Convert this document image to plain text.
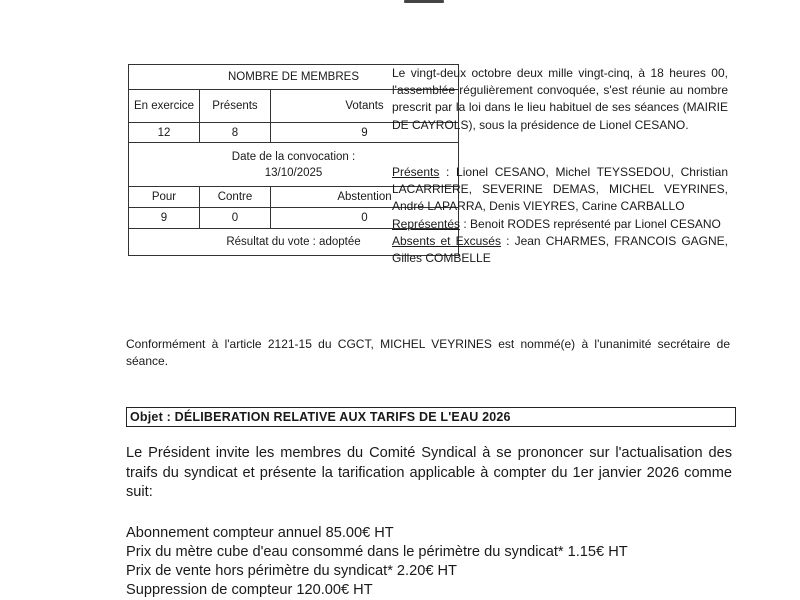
NOMBRE DE MEMBRES		
En exercice	Présents	Votants
12	8	9
Date de la convocation :
13/10/2025		
Pour	Contre	Abstention
9	0	0
Résultat du vote : adoptée		

Le vingt-deux octobre deux mille vingt-cinq, à 18 heures 00, l'assemblée régulièrement convoquée, s'est réunie au nombre prescrit par la loi dans le lieu habituel de ses séances (MAIRIE DE CAYROLS), sous la présidence de Lionel CESANO.

Présents : Lionel CESANO, Michel TEYSSEDOU, Christian LACARRIERE, SEVERINE DEMAS, MICHEL VEYRINES, André LAPARRA, Denis VIEYRES, Carine CARBALLO

Représentés : Benoit RODES représenté par Lionel CESANO

Absents et Excusés : Jean CHARMES, FRANCOIS GAGNE, Gilles COMBELLE

Conformément à l'article 2121-15 du CGCT, MICHEL VEYRINES est nommé(e) à l'unanimité secrétaire de séance.

Objet : DÉLIBERATION RELATIVE AUX TARIFS DE L'EAU 2026

Le Président invite les membres du Comité Syndical à se prononcer sur l'actualisation des traifs du syndicat et présente la tarification applicable à compter du 1er janvier 2026 comme suit:

Abonnement compteur annuel 85.00€ HT
Prix du mètre cube d'eau consommé dans le périmètre du syndicat* 1.15€ HT
Prix de vente hors périmètre du syndicat* 2.20€ HT
Suppression de compteur 120.00€ HT
